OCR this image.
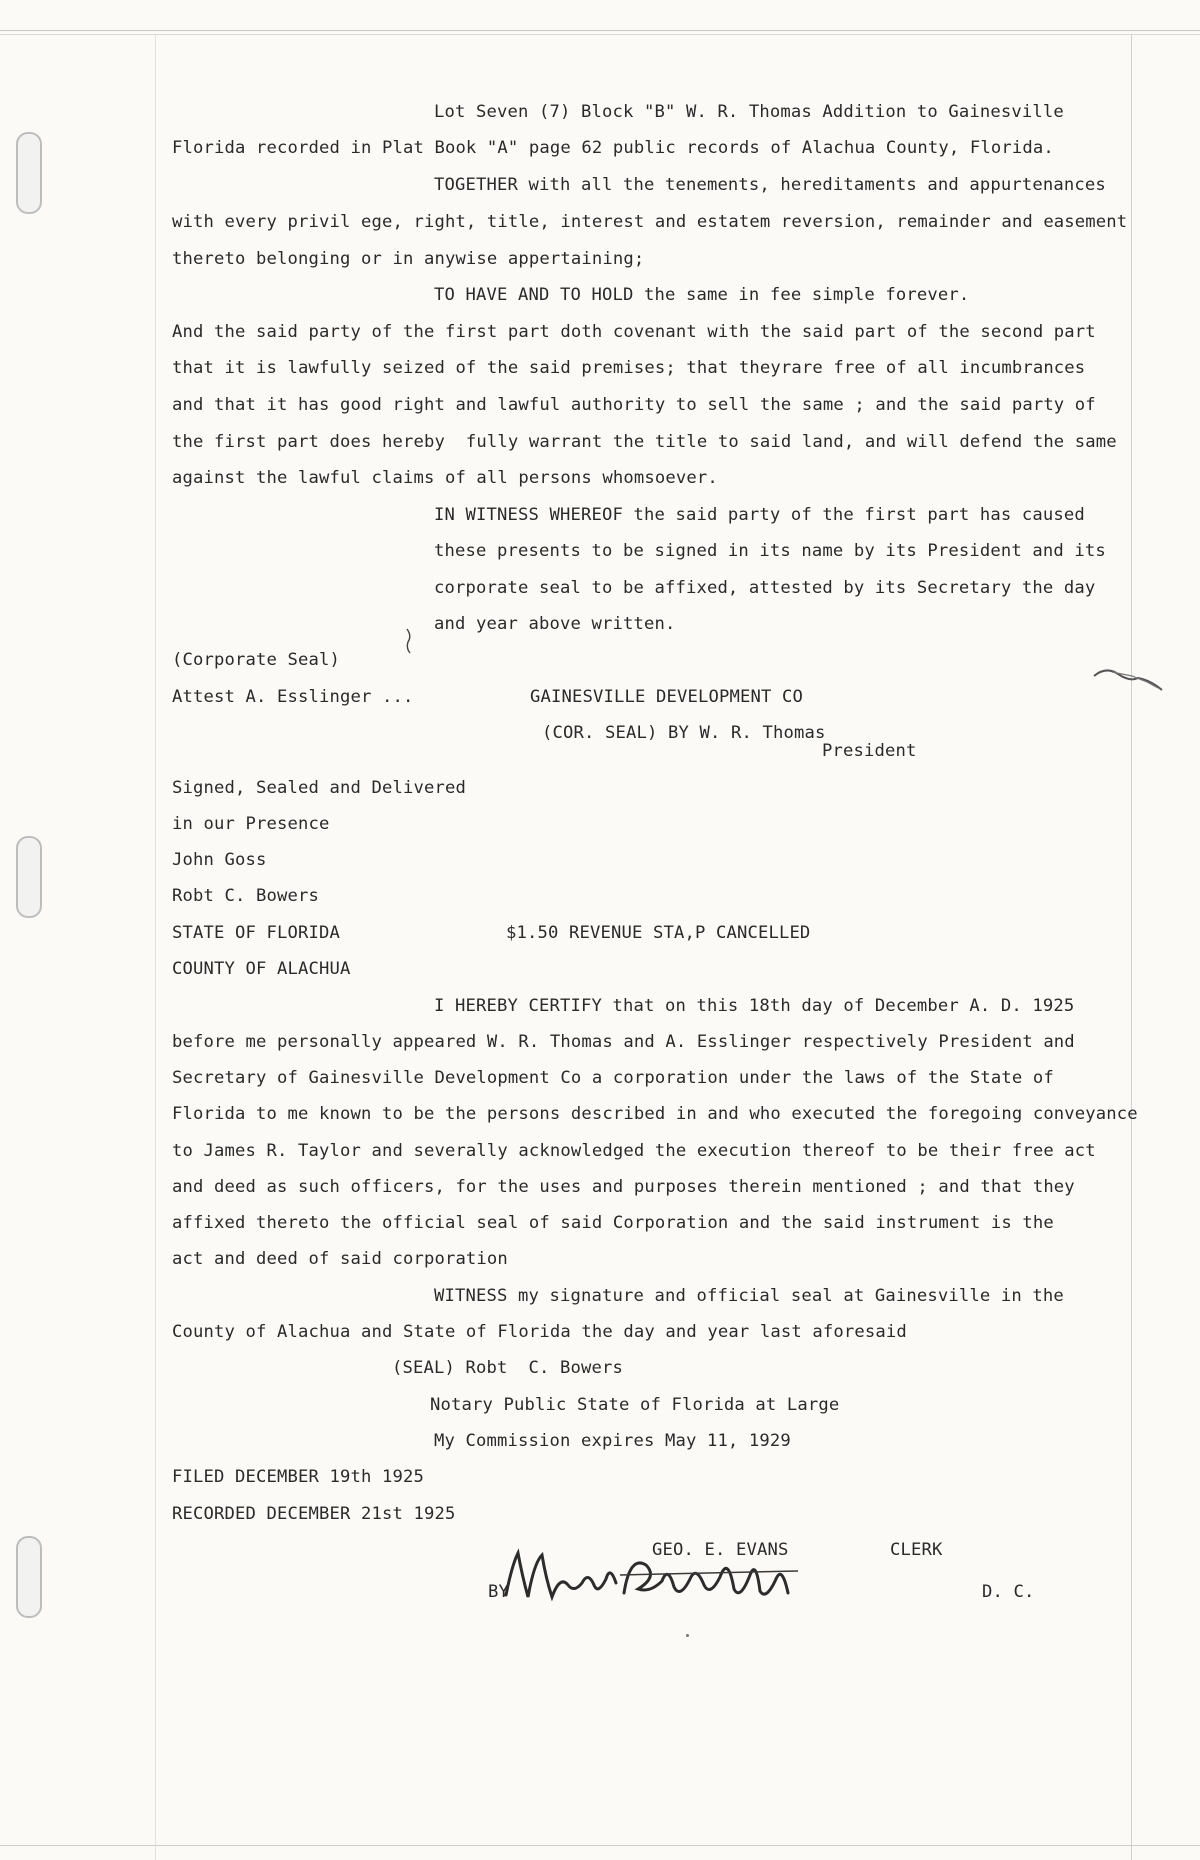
Lot Seven (7) Block "B" W. R. Thomas Addition to Gainesville
Florida recorded in Plat Book "A" page 62 public records of Alachua County, Florida.
TOGETHER with all the tenements, hereditaments and appurtenances
with every privil ege, right, title, interest and estatem reversion, remainder and easement
thereto belonging or in anywise appertaining;
TO HAVE AND TO HOLD the same in fee simple forever.
And the said party of the first part doth covenant with the said part of the second part
that it is lawfully seized of the said premises; that theyrare free of all incumbrances
and that it has good right and lawful authority to sell the same ; and the said party of
the first part does hereby  fully warrant the title to said land, and will defend the same
against the lawful claims of all persons whomsoever.
IN WITNESS WHEREOF the said party of the first part has caused
these presents to be signed in its name by its President and its
corporate seal to be affixed, attested by its Secretary the day
and year above written.
(Corporate Seal)
Attest A. Esslinger ...	GAINESVILLE DEVELOPMENT CO
(COR. SEAL) BY W. R. Thomas
President
Signed, Sealed and Delivered
in our Presence
John Goss
Robt C. Bowers
STATE OF FLORIDA	$1.50 REVENUE STA,P CANCELLED
COUNTY OF ALACHUA
I HEREBY CERTIFY that on this 18th day of December A. D. 1925
before me personally appeared W. R. Thomas and A. Esslinger respectively President and
Secretary of Gainesville Development Co a corporation under the laws of the State of
Florida to me known to be the persons described in and who executed the foregoing conveyance
to James R. Taylor and severally acknowledged the execution thereof to be their free act
and deed as such officers, for the uses and purposes therein mentioned ; and that they
affixed thereto the official seal of said Corporation and the said instrument is the
act and deed of said corporation
WITNESS my signature and official seal at Gainesville in the
County of Alachua and State of Florida the day and year last aforesaid
(SEAL) Robt  C. Bowers
Notary Public State of Florida at Large
My Commission expires May 11, 1929
FILED DECEMBER 19th 1925
RECORDED DECEMBER 21st 1925
GEO. E. EVANS	CLERK
BY	D. C.
